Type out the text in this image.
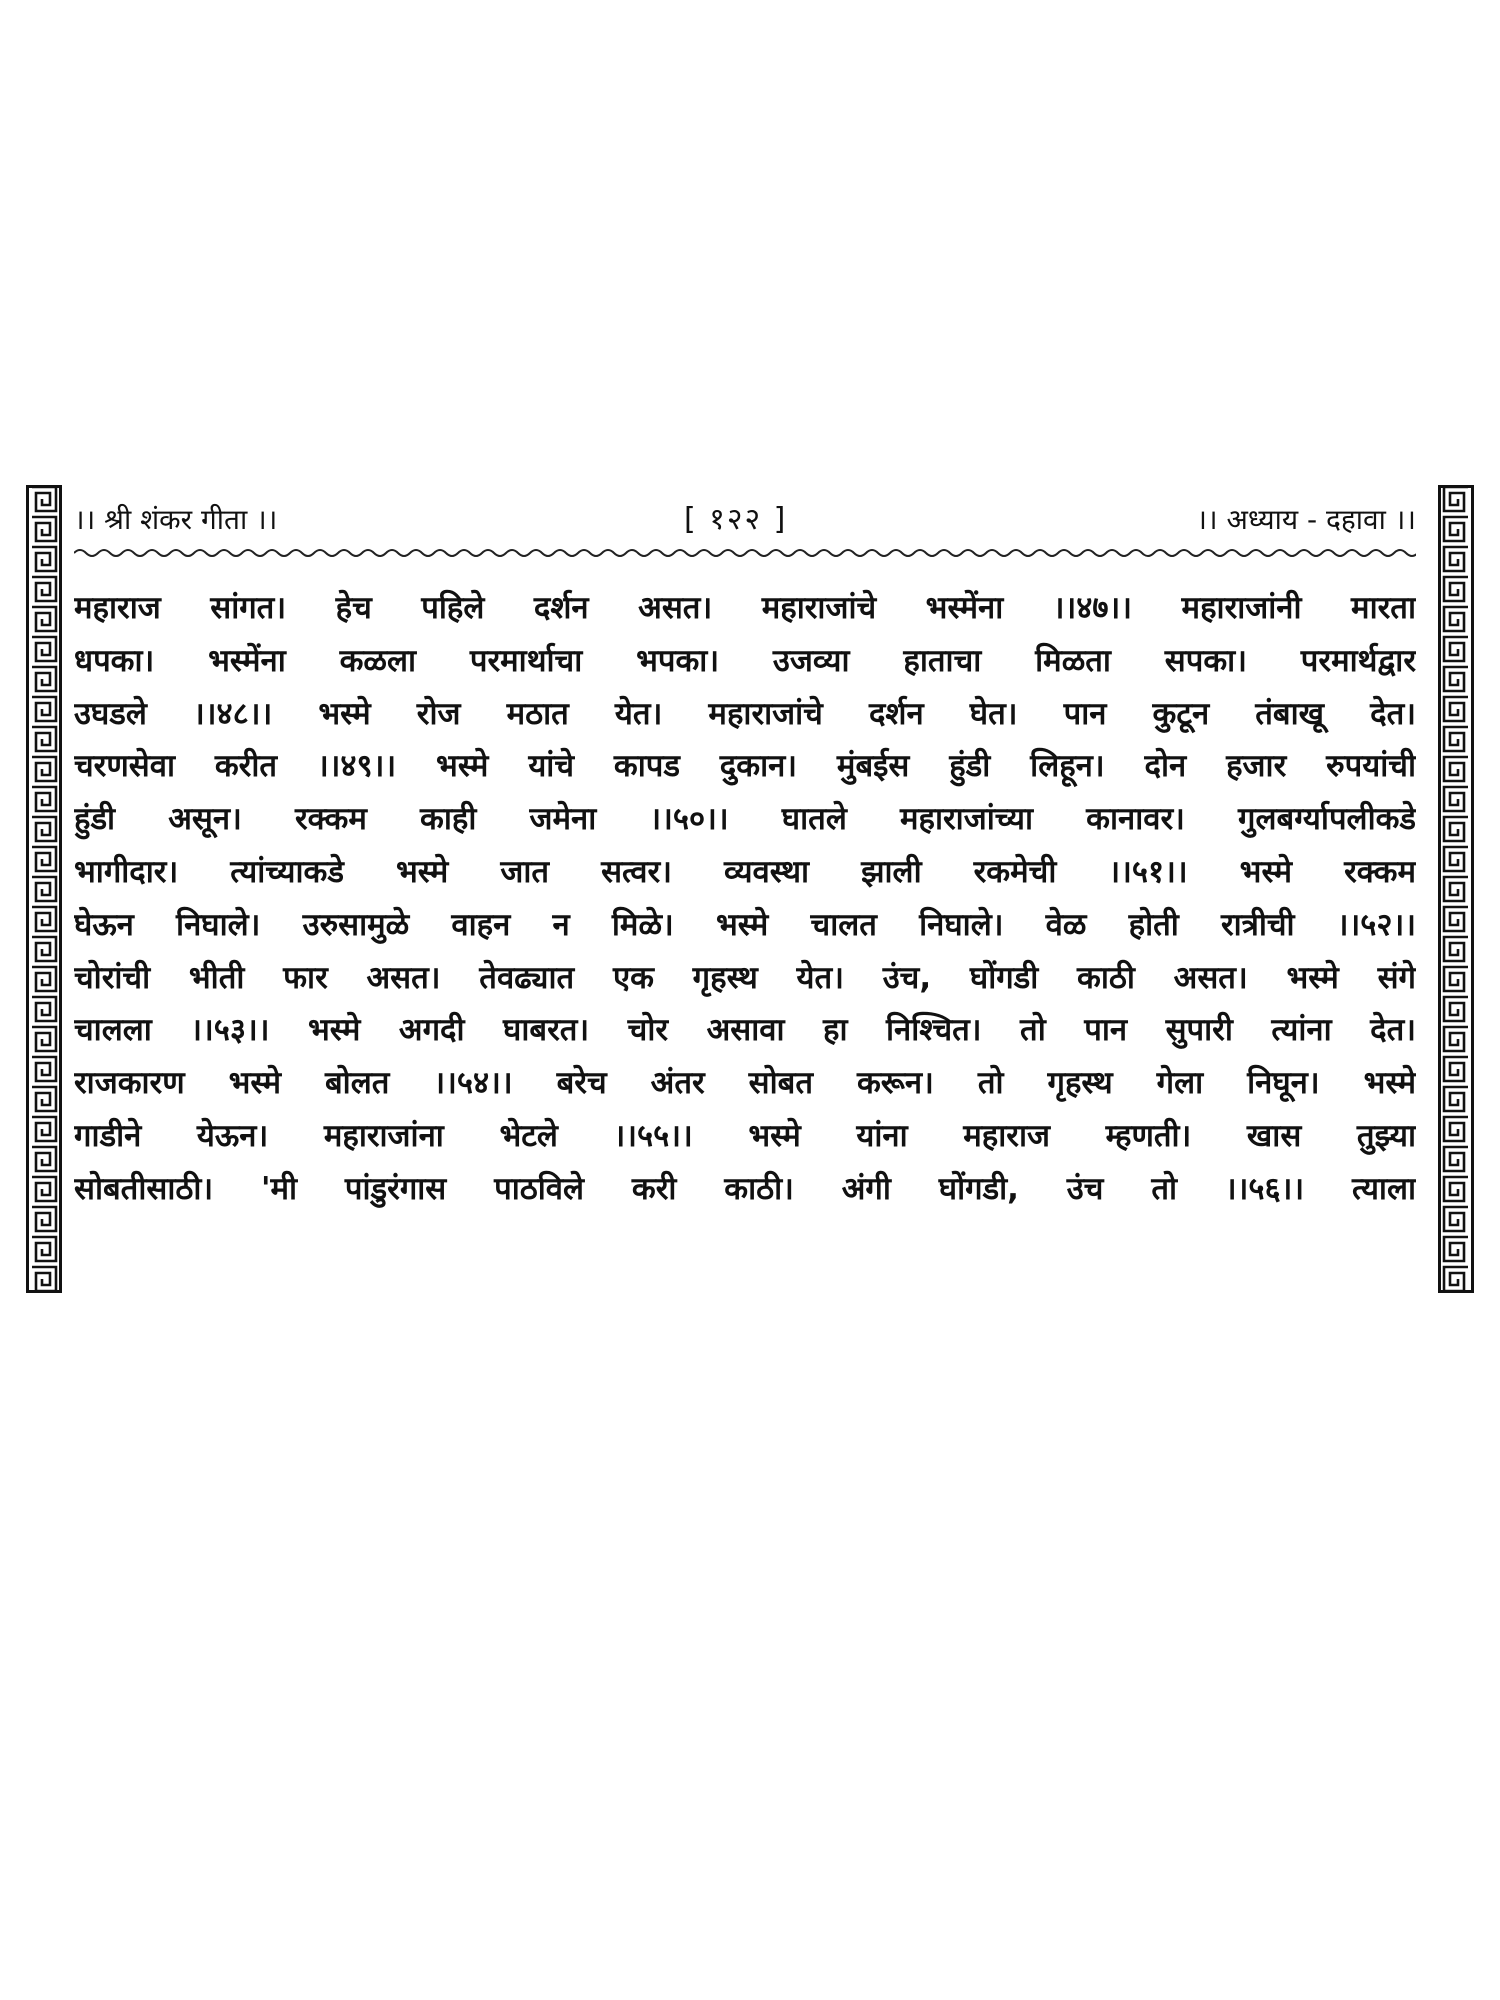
।। श्री शंकर गीता ।।	[ १२२ ]	।। अध्याय - दहावा ।।
महाराज सांगत। हेच पहिले दर्शन असत। महाराजांचे भस्मेंना ।।४७।। महाराजांनी मारता
धपका। भस्मेंना कळला परमार्थाचा भपका। उजव्या हाताचा मिळता सपका। परमार्थद्वार
उघडले ।।४८।। भस्मे रोज मठात येत। महाराजांचे दर्शन घेत। पान कुटून तंबाखू देत।
चरणसेवा करीत ।।४९।। भस्मे यांचे कापड दुकान। मुंबईस हुंडी लिहून। दोन हजार रुपयांची
हुंडी असून। रक्कम काही जमेना ।।५०।। घातले महाराजांच्या कानावर। गुलबर्ग्यापलीकडे
भागीदार। त्यांच्याकडे भस्मे जात सत्वर। व्यवस्था झाली रकमेची ।।५१।। भस्मे रक्कम
घेऊन निघाले। उरुसामुळे वाहन न मिळे। भस्मे चालत निघाले। वेळ होती रात्रीची ।।५२।।
चोरांची भीती फार असत। तेवढ्यात एक गृहस्थ येत। उंच, घोंगडी काठी असत। भस्मे संगे
चालला ।।५३।। भस्मे अगदी घाबरत। चोर असावा हा निश्चित। तो पान सुपारी त्यांना देत।
राजकारण भस्मे बोलत ।।५४।। बरेच अंतर सोबत करून। तो गृहस्थ गेला निघून। भस्मे
गाडीने येऊन। महाराजांना भेटले ।।५५।। भस्मे यांना महाराज म्हणती। खास तुझ्या
सोबतीसाठी। 'मी पांडुरंगास पाठविले करी काठी। अंगी घोंगडी, उंच तो ।।५६।। त्याला
